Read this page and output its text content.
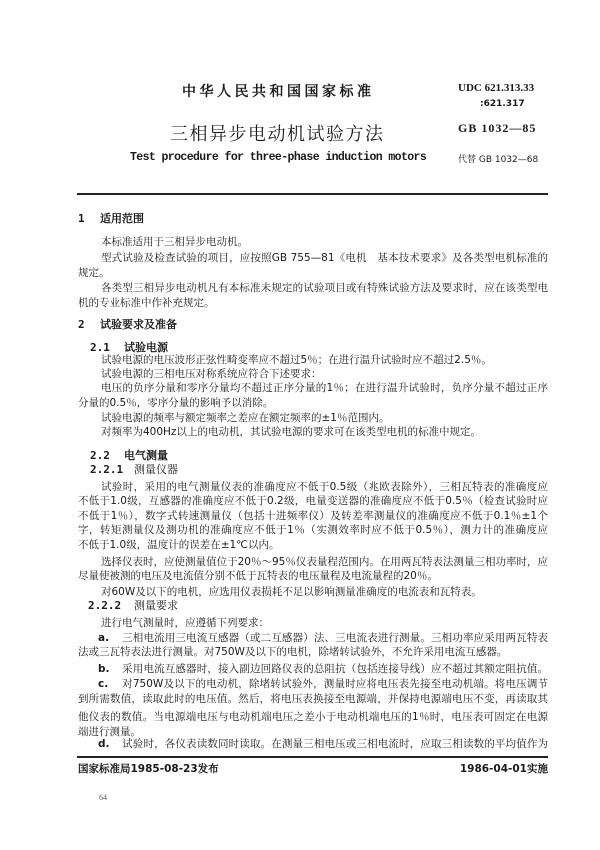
中华人民共和国国家标准	UDC 621.313.33
:621.317
三相异步电动机试验方法	GB 1032—85
Test procedure for three-phase induction motors	代替 GB 1032—68
1 适用范围
本标准适用于三相异步电动机。
型式试验及检查试验的项目，应按照GB 755—81《电机　基本技术要求》及各类型电机标准的
规定。
各类型三相异步电动机凡有本标准未规定的试验项目或有特殊试验方法及要求时，应在该类型电
机的专业标准中作补充规定。
2 试验要求及准备
2.1 试验电源
试验电源的电压波形正弦性畸变率应不超过5％；在进行温升试验时应不超过2.5％。
试验电源的三相电压对称系统应符合下述要求：
电压的负序分量和零序分量均不超过正序分量的1％；在进行温升试验时，负序分量不超过正序
分量的0.5％，零序分量的影响予以消除。
试验电源的频率与额定频率之差应在额定频率的±1％范围内。
对频率为400Hz以上的电动机，其试验电源的要求可在该类型电机的标准中规定。
2.2 电气测量
2.2.1 测量仪器
试验时，采用的电气测量仪表的准确度应不低于0.5级（兆欧表除外），三相瓦特表的准确度应
不低于1.0级，互感器的准确度应不低于0.2级，电量变送器的准确度应不低于0.5％（检查试验时应
不低于1％），数字式转速测量仪（包括十进频率仪）及转差率测量仪的准确度应不低于0.1％±1个
字，转矩测量仪及测功机的准确度应不低于1％（实测效率时应不低于0.5％），测力计的准确度应
不低于1.0级，温度计的误差在±1℃以内。
选择仪表时，应使测量值位于20％～95％仪表量程范围内。在用两瓦特表法测量三相功率时，应
尽量使被测的电压及电流值分别不低于瓦特表的电压量程及电流量程的20％。
对60W及以下的电机，应选用仪表损耗不足以影响测量准确度的电流表和瓦特表。
2.2.2 测量要求
进行电气测量时，应遵循下列要求：
a. 三相电流用三电流互感器（或二互感器）法、三电流表进行测量。三相功率应采用两瓦特表
法或三瓦特表法进行测量。对750W及以下的电机，除堵转试验外，不允许采用电流互感器。
b. 采用电流互感器时，接入副边回路仪表的总阻抗（包括连接导线）应不超过其额定阻抗值。
c. 对750W及以下的电动机，除堵转试验外，测量时应将电压表先接至电动机端。将电压调节
到所需数值，读取此时的电压值。然后，将电压表换接至电源端，并保持电源端电压不变，再读取其
他仪表的数值。当电源端电压与电动机端电压之差小于电动机端电压的1％时，电压表可固定在电源
端进行测量。
d. 试验时，各仪表读数同时读取。在测量三相电压或三相电流时，应取三相读数的平均值作为
国家标准局1985-08-23发布	1986-04-01实施
64
